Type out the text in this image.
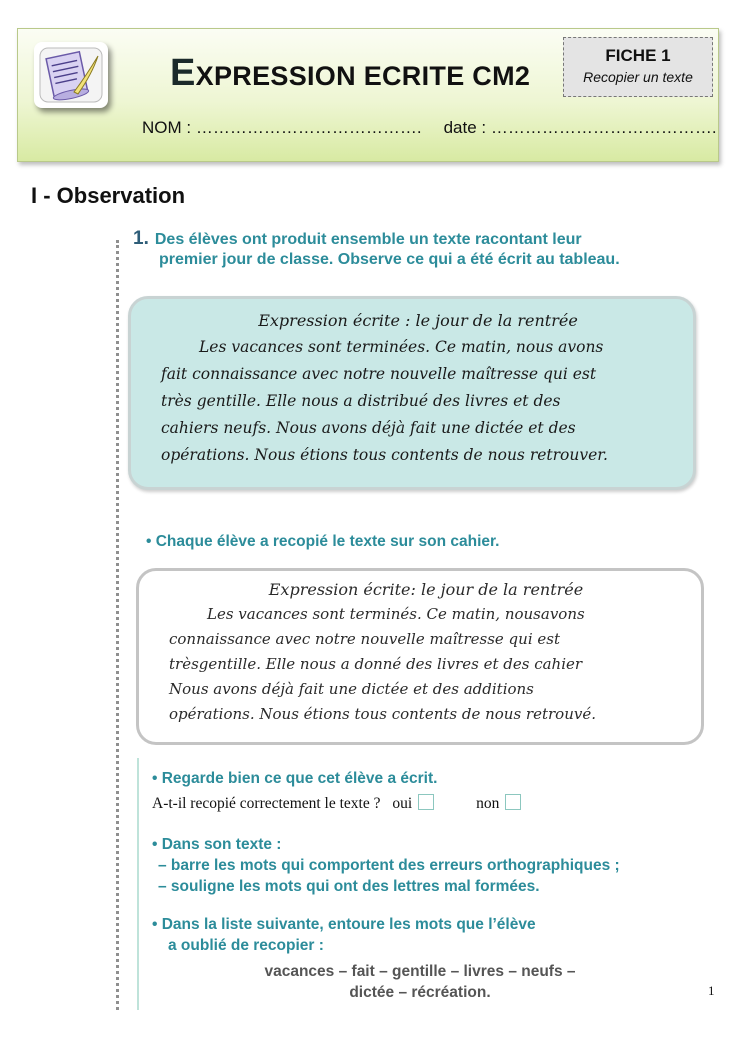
EXPRESSION ECRITE CM2
FICHE 1
Recopier un texte
NOM : …………………………………. date : ………………………………….
I - Observation
1. Des élèves ont produit ensemble un texte racontant leur
premier jour de classe. Observe ce qui a été écrit au tableau.
Expression écrite : le jour de la rentrée
Les vacances sont terminées. Ce matin, nous avons
fait connaissance avec notre nouvelle maîtresse qui est
très gentille. Elle nous a distribué des livres et des
cahiers neufs. Nous avons déjà fait une dictée et des
opérations. Nous étions tous contents de nous retrouver.
• Chaque élève a recopié le texte sur son cahier.
Expression écrite: le jour de la rentrée
Les vacances sont terminés. Ce matin, nousavons
connaissance avec notre nouvelle maîtresse qui est
trèsgentille. Elle nous a donné des livres et des cahier
Nous avons déjà fait une dictée et des additions
opérations. Nous étions tous contents de nous retrouvé.
• Regarde bien ce que cet élève a écrit.
A-t-il recopié correctement le texte ? oui	non
• Dans son texte :
– barre les mots qui comportent des erreurs orthographiques ;
– souligne les mots qui ont des lettres mal formées.
• Dans la liste suivante, entoure les mots que l’élève
a oublié de recopier :
vacances – fait – gentille – livres – neufs –
dictée – récréation.	1
